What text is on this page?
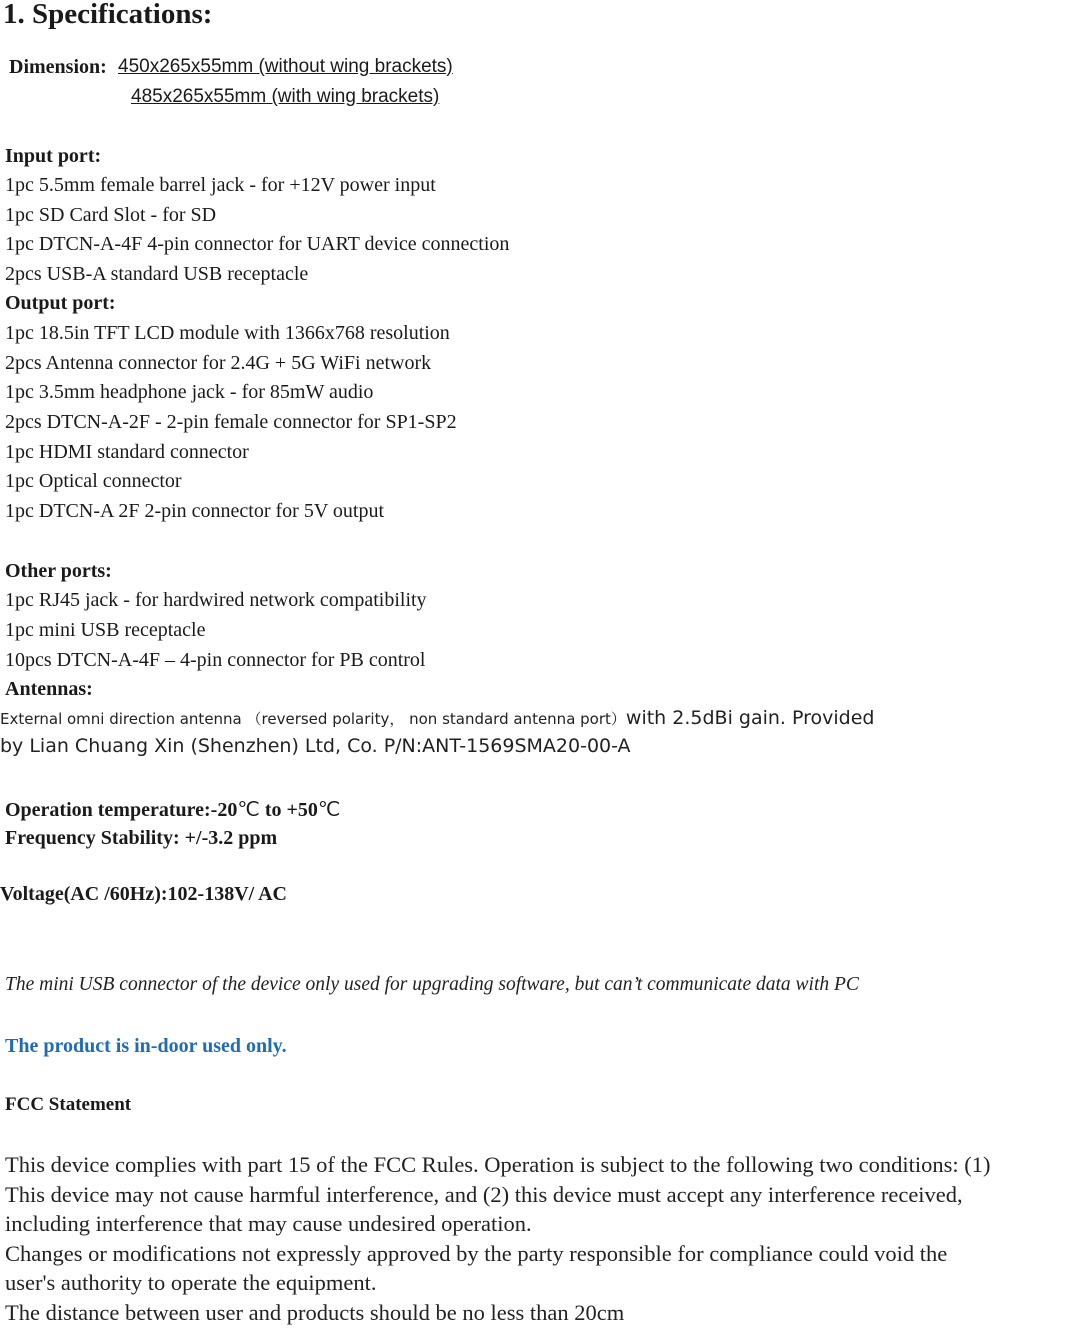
1. Specifications:
Dimension: 450x265x55mm (without wing brackets)
485x265x55mm (with wing brackets)
Input port:
1pc 5.5mm female barrel jack - for +12V power input
1pc SD Card Slot - for SD
1pc DTCN-A-4F 4-pin connector for UART device connection
2pcs USB-A standard USB receptacle
Output port:
1pc 18.5in TFT LCD module with 1366x768 resolution
2pcs Antenna connector for 2.4G + 5G WiFi network
1pc 3.5mm headphone jack - for 85mW audio
2pcs DTCN-A-2F - 2-pin female connector for SP1-SP2
1pc HDMI standard connector
1pc Optical connector
1pc DTCN-A 2F 2-pin connector for 5V output
Other ports:
1pc RJ45 jack - for hardwired network compatibility
1pc mini USB receptacle
10pcs DTCN-A-4F – 4-pin connector for PB control
Antennas:
External omni direction antenna （reversed polarity， non standard antenna port）with 2.5dBi gain. Provided
by Lian Chuang Xin (Shenzhen) Ltd, Co. P/N:ANT-1569SMA20-00-A
Operation temperature:-20℃ to +50℃
Frequency Stability: +/-3.2 ppm
Voltage(AC /60Hz):102-138V/ AC
The mini USB connector of the device only used for upgrading software, but can’t communicate data with PC
The product is in-door used only.
FCC Statement
This device complies with part 15 of the FCC Rules. Operation is subject to the following two conditions: (1)
This device may not cause harmful interference, and (2) this device must accept any interference received,
including interference that may cause undesired operation.
Changes or modifications not expressly approved by the party responsible for compliance could void the
user's authority to operate the equipment.
The distance between user and products should be no less than 20cm
